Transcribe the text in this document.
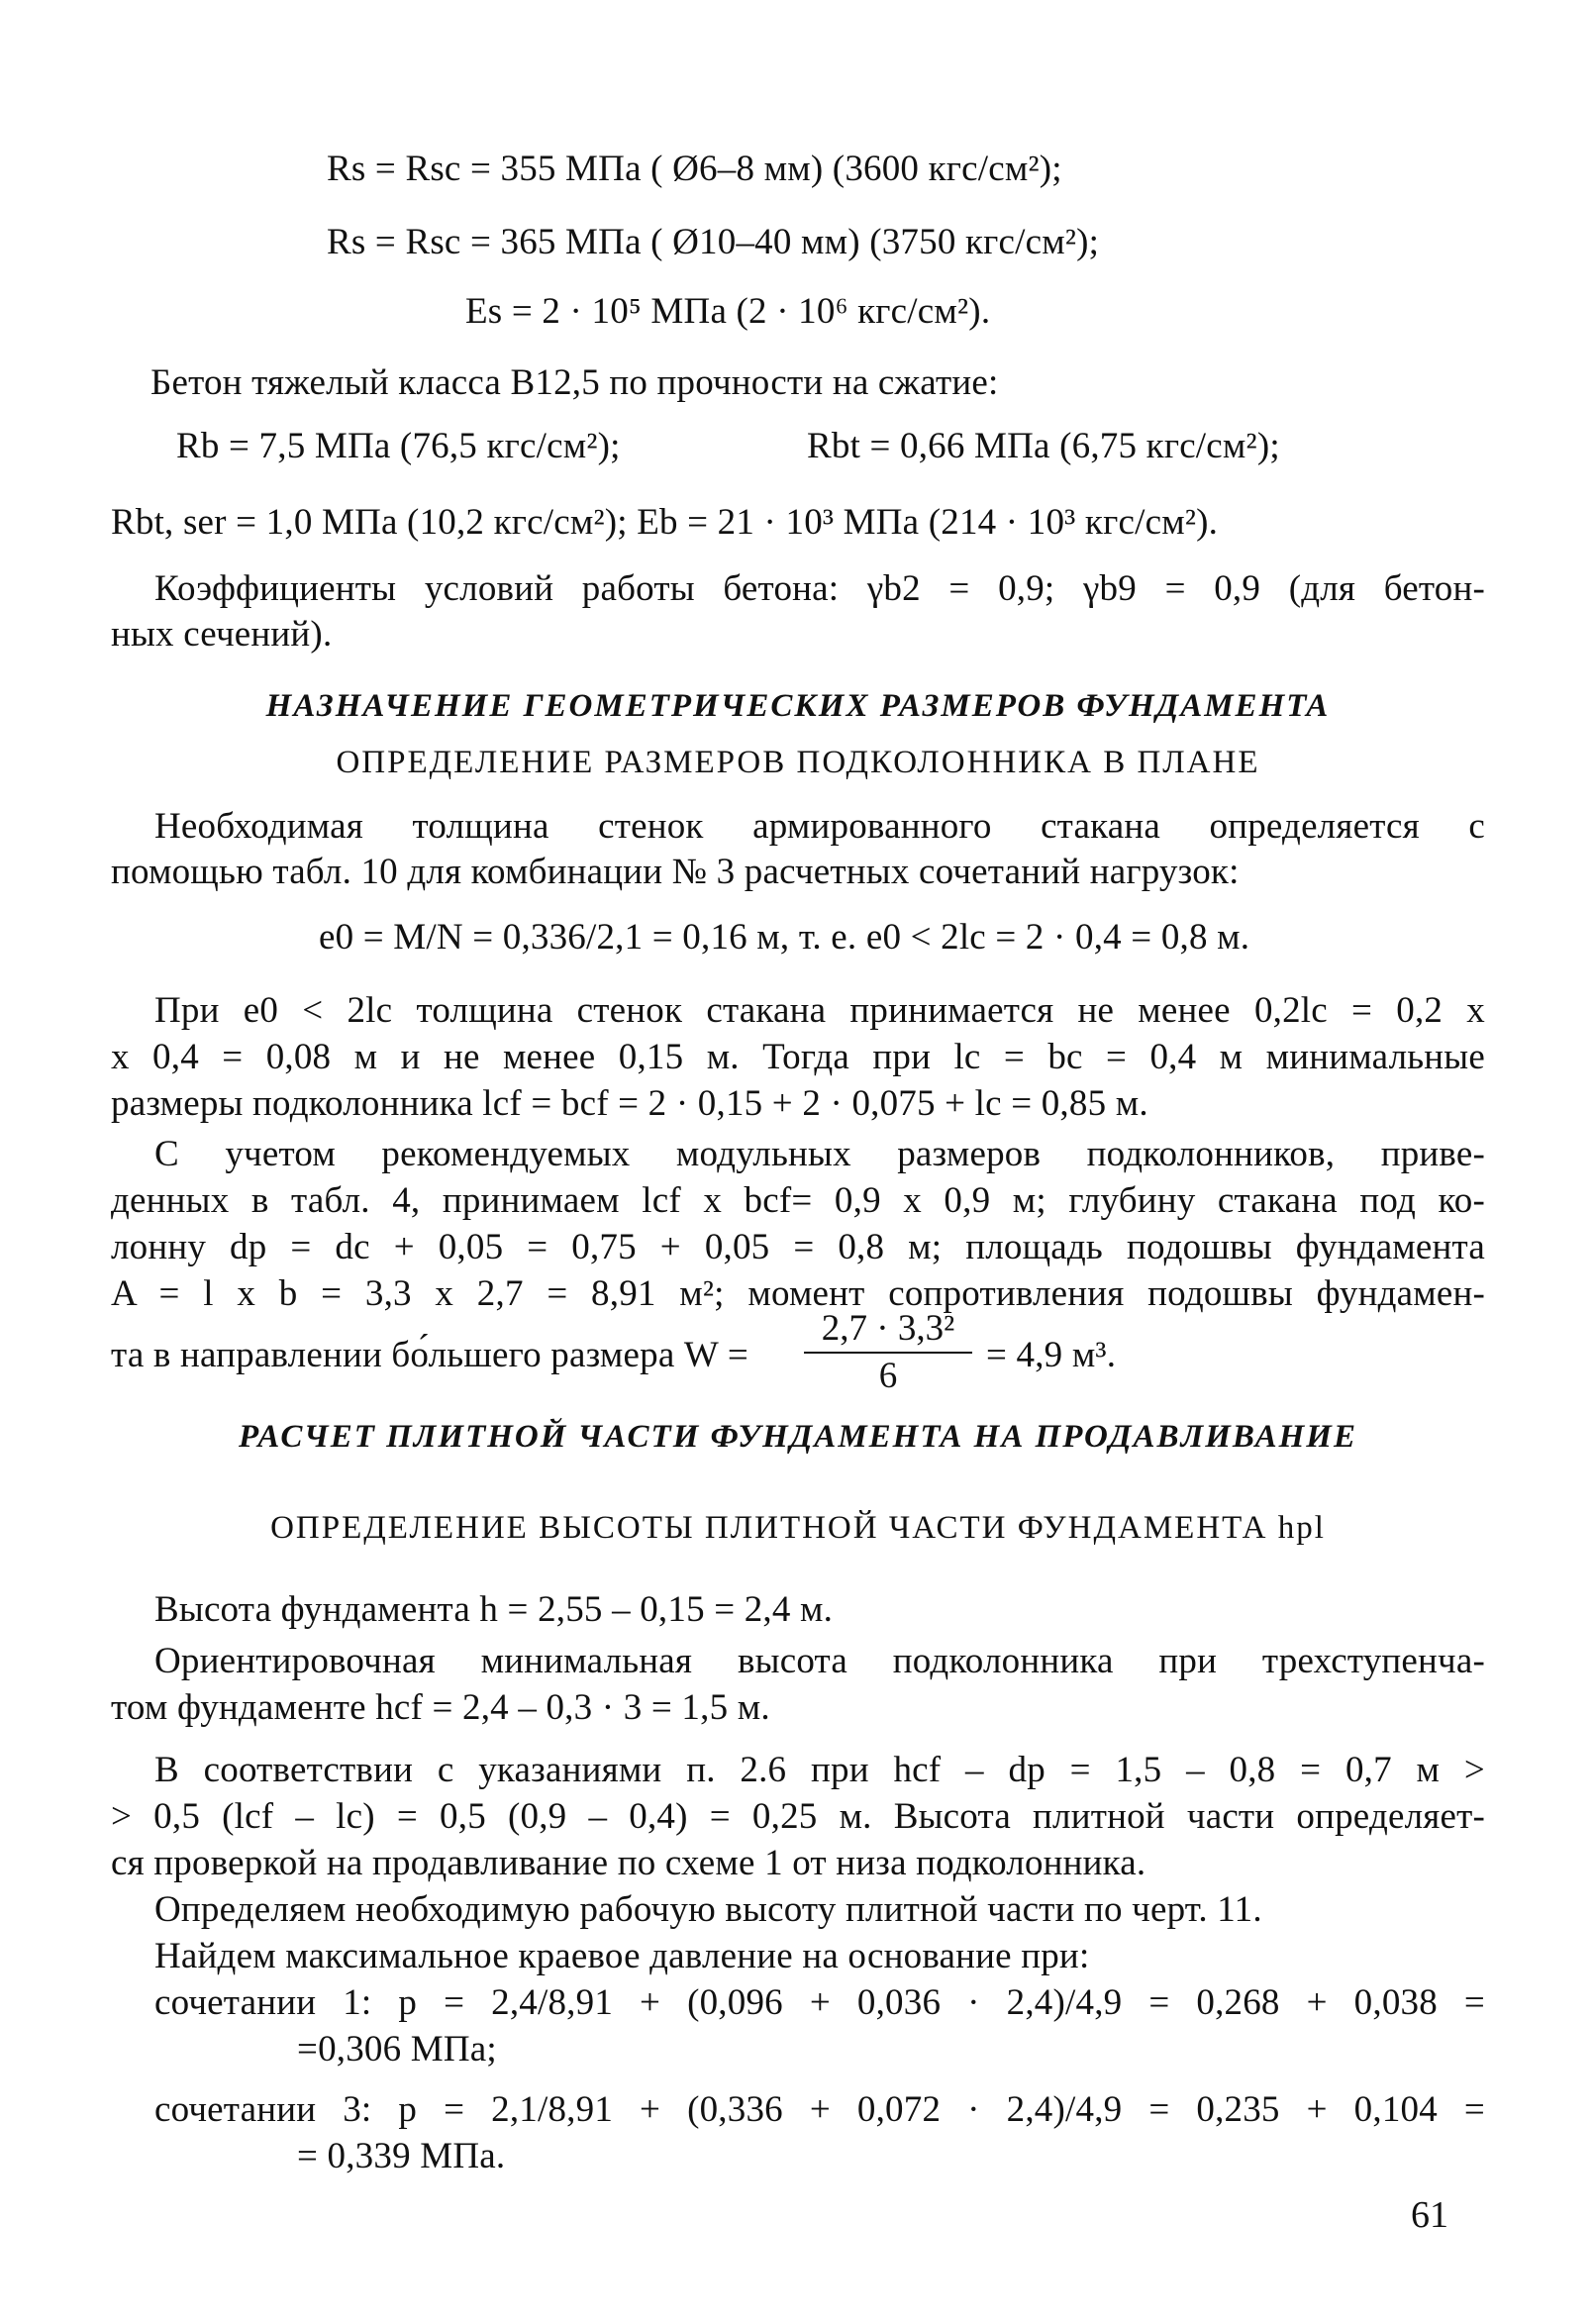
Rs = Rsc = 355 МПа ( Ø6–8 мм) (3600 кгс/см²);
Rs = Rsc = 365 МПа ( Ø10–40 мм) (3750 кгс/см²);
Es = 2 · 10⁵ МПа (2 · 10⁶ кгс/см²).
Бетон тяжелый класса B12,5 по прочности на сжатие:
Rb = 7,5 МПа (76,5 кгс/см²);	Rbt = 0,66 МПа (6,75 кгс/см²);
Rbt, ser = 1,0 МПа (10,2 кгс/см²); Eb = 21 · 10³ МПа (214 · 10³ кгс/см²).
Коэффициенты условий работы бетона: γb2 = 0,9; γb9 = 0,9 (для бетон-
ных сечений).
НАЗНАЧЕНИЕ ГЕОМЕТРИЧЕСКИХ РАЗМЕРОВ ФУНДАМЕНТА
ОПРЕДЕЛЕНИЕ РАЗМЕРОВ ПОДКОЛОННИКА В ПЛАНЕ
Необходимая толщина стенок армированного стакана определяется с
помощью табл. 10 для комбинации № 3 расчетных сочетаний нагрузок:
e0 = M/N = 0,336/2,1 = 0,16 м, т. е. e0 < 2lc = 2 · 0,4 = 0,8 м.
При e0 < 2lc толщина стенок стакана принимается не менее 0,2lc = 0,2 x
x 0,4 = 0,08 м и не менее 0,15 м. Тогда при lc = bc = 0,4 м минимальные
размеры подколонника lcf = bcf = 2 · 0,15 + 2 · 0,075 + lc = 0,85 м.
С учетом рекомендуемых модульных размеров подколонников, приве-
денных в табл. 4, принимаем lcf x bcf= 0,9 x 0,9 м; глубину стакана под ко-
лонну dp = dc + 0,05 = 0,75 + 0,05 = 0,8 м; площадь подошвы фундамента
A = l x b = 3,3 x 2,7 = 8,91 м²; момент сопротивления подошвы фундамен-
та в направлении бо́льшего размера W =
2,7 · 3,3²
6
= 4,9 м³.
РАСЧЕТ ПЛИТНОЙ ЧАСТИ ФУНДАМЕНТА НА ПРОДАВЛИВАНИЕ
ОПРЕДЕЛЕНИЕ ВЫСОТЫ ПЛИТНОЙ ЧАСТИ ФУНДАМЕНТА hpl
Высота фундамента h = 2,55 – 0,15 = 2,4 м.
Ориентировочная минимальная высота подколонника при трехступенча-
том фундаменте hcf = 2,4 – 0,3 · 3 = 1,5 м.
В соответствии с указаниями п. 2.6 при hcf – dp = 1,5 – 0,8 = 0,7 м >
> 0,5 (lcf – lc) = 0,5 (0,9 – 0,4) = 0,25 м. Высота плитной части определяет-
ся проверкой на продавливание по схеме 1 от низа подколонника.
Определяем необходимую рабочую высоту плитной части по черт. 11.
Найдем максимальное краевое давление на основание при:
сочетании 1: p = 2,4/8,91 + (0,096 + 0,036 · 2,4)/4,9 = 0,268 + 0,038 =
=0,306 МПа;
сочетании 3: p = 2,1/8,91 + (0,336 + 0,072 · 2,4)/4,9 = 0,235 + 0,104 =
= 0,339 МПа.
61
